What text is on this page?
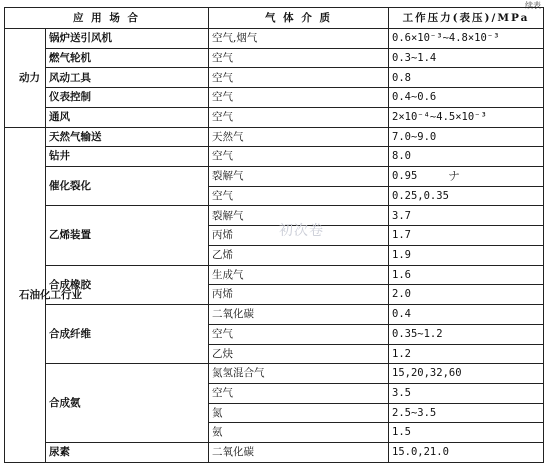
续表
应 用 场 合		气 体 介 质	工作压力(表压)/MPa

动力	锅炉送引风机	空气,烟气	0.6×10⁻³~4.8×10⁻³
	燃气轮机	空气	0.3~1.4
	风动工具	空气	0.8
	仪表控制	空气	0.4~0.6
	通风	空气	2×10⁻⁴~4.5×10⁻³

石油化工行业	天然气输送	天然气	7.0~9.0
	钻井	空气	8.0
	催化裂化	裂解气	0.95
		空气	0.25,0.35
	乙烯装置	裂解气	3.7
		丙烯	1.7
		乙烯	1.9
	合成橡胶	生成气	1.6
		丙烯	2.0
	合成纤维	二氧化碳	0.4
		空气	0.35~1.2
		乙炔	1.2
	合成氨	氮氢混合气	15,20,32,60
		空气	3.5
		氮	2.5~3.5
		氨	1.5
	尿素	二氧化碳	15.0,21.0
ナ
初次卷
